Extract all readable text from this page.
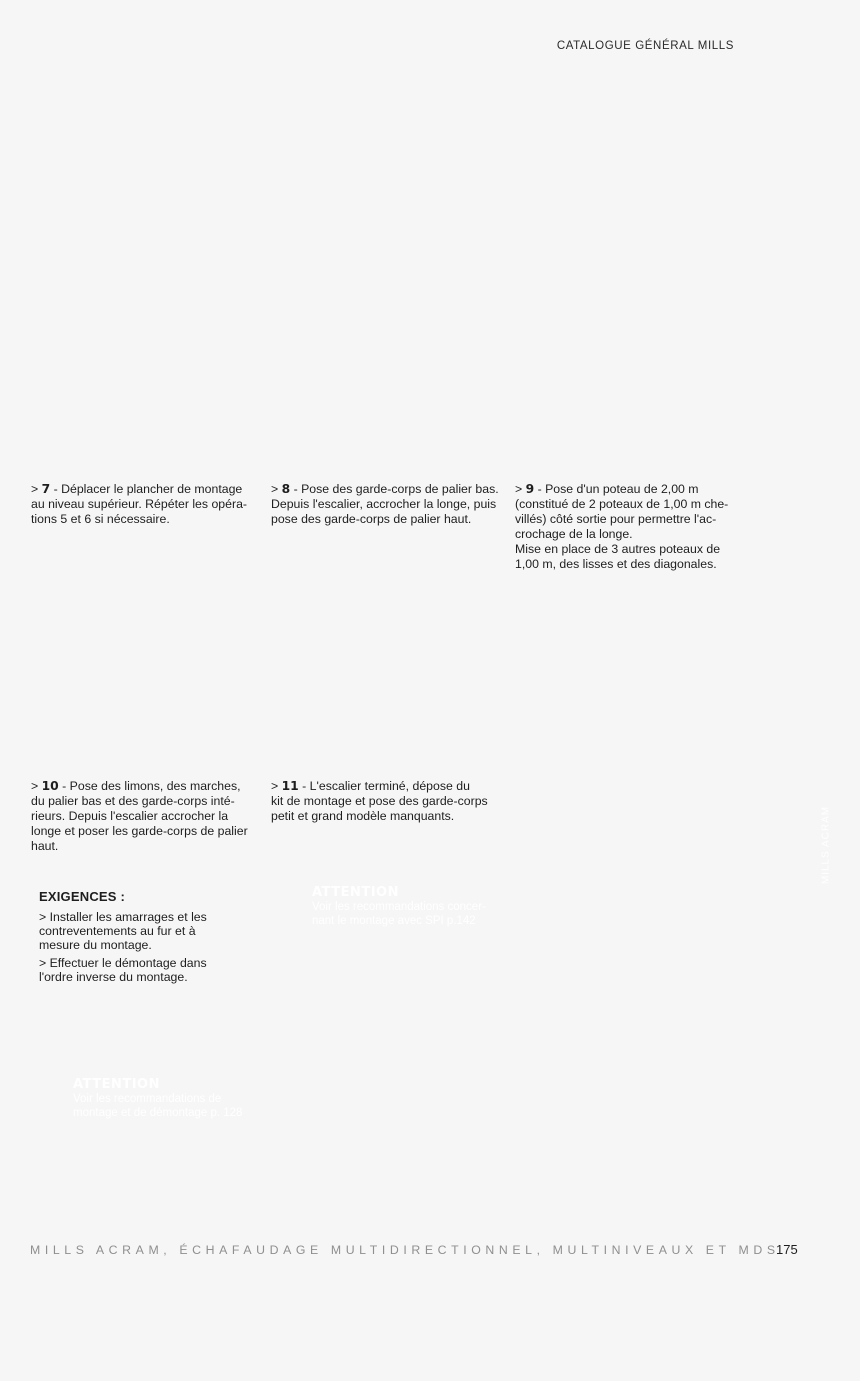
CATALOGUE GÉNÉRAL MILLS
> 7 - Déplacer le plancher de montage
au niveau supérieur. Répéter les opéra-
tions 5 et 6 si nécessaire.
> 8 - Pose des garde-corps de palier bas.
Depuis l'escalier, accrocher la longe, puis
pose des garde-corps de palier haut.
> 9 - Pose d'un poteau de 2,00 m
(constitué de 2 poteaux de 1,00 m che-
villés) côté sortie pour permettre l'ac-
crochage de la longe.
Mise en place de 3 autres poteaux de
1,00 m, des lisses et des diagonales.
> 10 - Pose des limons, des marches,
du palier bas et des garde-corps inté-
rieurs. Depuis l'escalier accrocher la
longe et poser les garde-corps de palier
haut.
> 11 - L'escalier terminé, dépose du
kit de montage et pose des garde-corps
petit et grand modèle manquants.
EXIGENCES :
> Installer les amarrages et les
contreventements au fur et à
mesure du montage.
> Effectuer le démontage dans
l'ordre inverse du montage.
ATTENTION
Voir les recommandations concer-
nant le montage avec SPI p.142
ATTENTION
Voir les recommandations de
montage et de démontage p. 128
MILLS ACRAM
MILLS ACRAM, ÉCHAFAUDAGE MULTIDIRECTIONNEL, MULTINIVEAUX ET MDS
175
